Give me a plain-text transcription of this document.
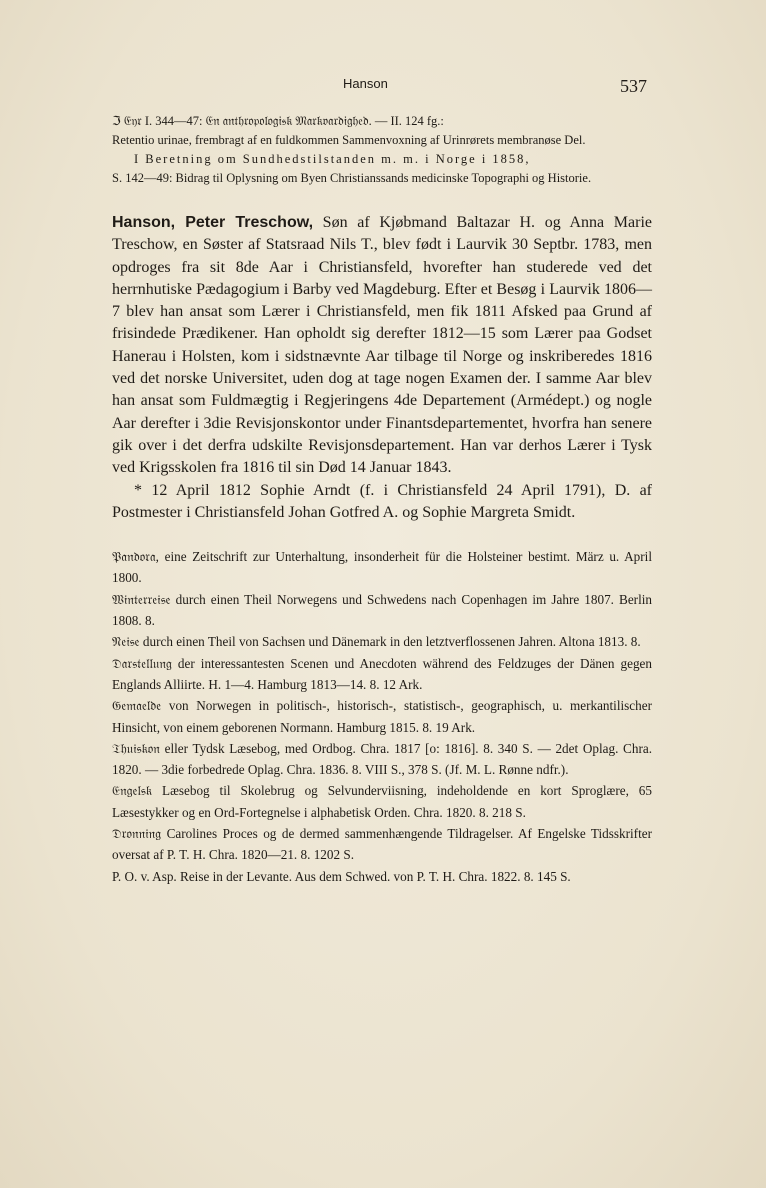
Hanson	537

ℑ 𝔈𝔶𝔯 I. 344—47: 𝔈𝔫 𝔞𝔫𝔱𝔥𝔯𝔬𝔭𝔬𝔩𝔬𝔤𝔦𝔰𝔨 𝔐𝔞𝔯𝔨𝔳𝔞𝔯𝔡𝔦𝔤𝔥𝔢𝔡. — II. 124 fg.:

Retentio urinae, frembragt af en fuldkommen Sammenvoxning af Urinrørets membranøse Del.

I Beretning om Sundhedstilstanden m. m. i Norge i 1858,

S. 142—49: Bidrag til Oplysning om Byen Christianssands medicinske Topographi og Historie.

Hanson, Peter Treschow, Søn af Kjøbmand Baltazar H. og Anna Marie Treschow, en Søster af Statsraad Nils T., blev født i Laurvik 30 Septbr. 1783, men opdroges fra sit 8de Aar i Christiansfeld, hvorefter han studerede ved det herrnhutiske Pædagogium i Barby ved Magdeburg. Efter et Besøg i Laurvik 1806—7 blev han ansat som Lærer i Christiansfeld, men fik 1811 Afsked paa Grund af frisindede Prædikener. Han opholdt sig derefter 1812—15 som Lærer paa Godset Hanerau i Holsten, kom i sidstnævnte Aar tilbage til Norge og inskriberedes 1816 ved det norske Universitet, uden dog at tage nogen Examen der. I samme Aar blev han ansat som Fuldmægtig i Regjeringens 4de Departement (Armédept.) og nogle Aar derefter i 3die Revisjonskontor under Finantsdepartementet, hvorfra han senere gik over i det derfra udskilte Revisjonsdepartement. Han var derhos Lærer i Tysk ved Krigsskolen fra 1816 til sin Død 14 Januar 1843.

* 12 April 1812 Sophie Arndt (f. i Christiansfeld 24 April 1791), D. af Postmester i Christiansfeld Johan Gotfred A. og Sophie Margreta Smidt.

𝔓𝔞𝔫𝔡𝔬𝔯𝔞, eine Zeitschrift zur Unterhaltung, insonderheit für die Holsteiner bestimt. März u. April 1800.

𝔚𝔦𝔫𝔱𝔢𝔯𝔯𝔢𝔦𝔰𝔢 durch einen Theil Norwegens und Schwedens nach Copenhagen im Jahre 1807. Berlin 1808. 8.

𝔑𝔢𝔦𝔰𝔢 durch einen Theil von Sachsen und Dänemark in den letztverflossenen Jahren. Altona 1813. 8.

𝔇𝔞𝔯𝔰𝔱𝔢𝔩𝔩𝔲𝔫𝔤 der interessantesten Scenen und Anecdoten während des Feldzuges der Dänen gegen Englands Alliirte. H. 1—4. Hamburg 1813—14. 8. 12 Ark.

𝔊𝔢𝔪𝔞𝔢𝔩𝔡𝔢 von Norwegen in politisch-, historisch-, statistisch-, geographisch, u. merkantilischer Hinsicht, von einem geborenen Normann. Hamburg 1815. 8. 19 Ark.

𝔗𝔥𝔲𝔦𝔰𝔨𝔬𝔫 eller Tydsk Læsebog, med Ordbog. Chra. 1817 [o: 1816]. 8. 340 S. — 2det Oplag. Chra. 1820. — 3die forbedrede Oplag. Chra. 1836. 8. VIII S., 378 S. (Jf. M. L. Rønne ndfr.).

𝔈𝔫𝔤𝔢𝔩𝔰𝔨 Læsebog til Skolebrug og Selvunderviisning, indeholdende en kort Sproglære, 65 Læsestykker og en Ord-Fortegnelse i alphabetisk Orden. Chra. 1820. 8. 218 S.

𝔇𝔯𝔬𝔫𝔫𝔦𝔫𝔤 Carolines Proces og de dermed sammenhængende Tildragelser. Af Engelske Tidsskrifter oversat af P. T. H. Chra. 1820—21. 8. 1202 S.

P. O. v. Asp. Reise in der Levante. Aus dem Schwed. von P. T. H. Chra. 1822. 8. 145 S.
